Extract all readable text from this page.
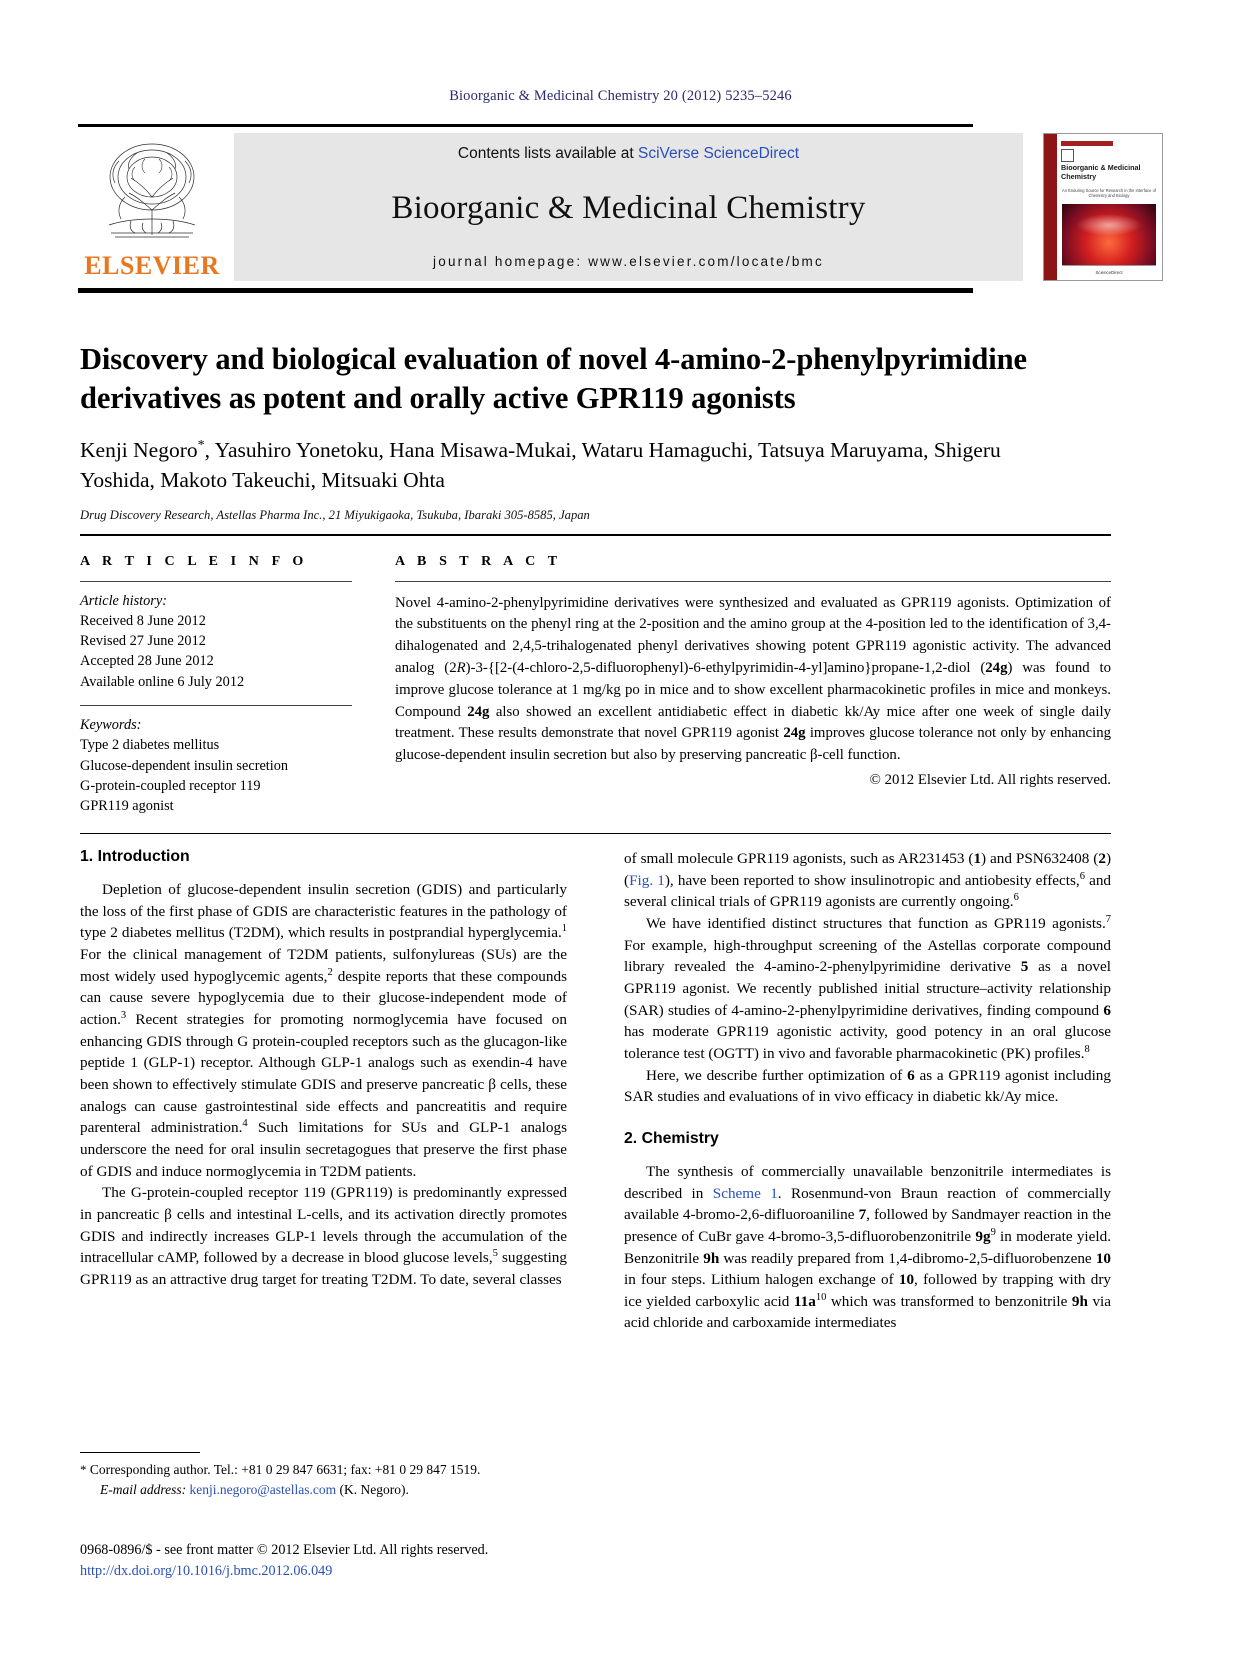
Bioorganic & Medicinal Chemistry 20 (2012) 5235–5246
ELSEVIER
Contents lists available at SciVerse ScienceDirect
Bioorganic & Medicinal Chemistry
journal homepage: www.elsevier.com/locate/bmc
Bioorganic & Medicinal Chemistry
An Enduring Source for Research in the Interface of Chemistry and Biology
ScienceDirect
Discovery and biological evaluation of novel 4-amino-2-phenylpyrimidine derivatives as potent and orally active GPR119 agonists
Kenji Negoro*, Yasuhiro Yonetoku, Hana Misawa-Mukai, Wataru Hamaguchi, Tatsuya Maruyama, Shigeru Yoshida, Makoto Takeuchi, Mitsuaki Ohta
Drug Discovery Research, Astellas Pharma Inc., 21 Miyukigaoka, Tsukuba, Ibaraki 305-8585, Japan
A R T I C L E I N F O
Article history:
Received 8 June 2012
Revised 27 June 2012
Accepted 28 June 2012
Available online 6 July 2012
Keywords:
Type 2 diabetes mellitus
Glucose-dependent insulin secretion
G-protein-coupled receptor 119
GPR119 agonist
A B S T R A C T
Novel 4-amino-2-phenylpyrimidine derivatives were synthesized and evaluated as GPR119 agonists. Optimization of the substituents on the phenyl ring at the 2-position and the amino group at the 4-position led to the identification of 3,4-dihalogenated and 2,4,5-trihalogenated phenyl derivatives showing potent GPR119 agonistic activity. The advanced analog (2R)-3-{[2-(4-chloro-2,5-difluorophenyl)-6-ethylpyrimidin-4-yl]amino}propane-1,2-diol (24g) was found to improve glucose tolerance at 1 mg/kg po in mice and to show excellent pharmacokinetic profiles in mice and monkeys. Compound 24g also showed an excellent antidiabetic effect in diabetic kk/Ay mice after one week of single daily treatment. These results demonstrate that novel GPR119 agonist 24g improves glucose tolerance not only by enhancing glucose-dependent insulin secretion but also by preserving pancreatic β-cell function.
© 2012 Elsevier Ltd. All rights reserved.
1. Introduction

Depletion of glucose-dependent insulin secretion (GDIS) and particularly the loss of the first phase of GDIS are characteristic features in the pathology of type 2 diabetes mellitus (T2DM), which results in postprandial hyperglycemia.$^1$ For the clinical management of T2DM patients, sulfonylureas (SUs) are the most widely used hypoglycemic agents,$^2$ despite reports that these compounds can cause severe hypoglycemia due to their glucose-independent mode of action.$^3$ Recent strategies for promoting normoglycemia have focused on enhancing GDIS through G protein-coupled receptors such as the glucagon-like peptide 1 (GLP-1) receptor. Although GLP-1 analogs such as exendin-4 have been shown to effectively stimulate GDIS and preserve pancreatic β cells, these analogs can cause gastrointestinal side effects and pancreatitis and require parenteral administration.$^4$ Such limitations for SUs and GLP-1 analogs underscore the need for oral insulin secretagogues that preserve the first phase of GDIS and induce normoglycemia in T2DM patients.

The G-protein-coupled receptor 119 (GPR119) is predominantly expressed in pancreatic β cells and intestinal L-cells, and its activation directly promotes GDIS and indirectly increases GLP-1 levels through the accumulation of the intracellular cAMP, followed by a decrease in blood glucose levels,$^5$ suggesting GPR119 as an attractive drug target for treating T2DM. To date, several classes

of small molecule GPR119 agonists, such as AR231453 (1) and PSN632408 (2) (Fig. 1), have been reported to show insulinotropic and antiobesity effects,$^6$ and several clinical trials of GPR119 agonists are currently ongoing.$^6$

We have identified distinct structures that function as GPR119 agonists.$^7$ For example, high-throughput screening of the Astellas corporate compound library revealed the 4-amino-2-phenylpyrimidine derivative 5 as a novel GPR119 agonist. We recently published initial structure–activity relationship (SAR) studies of 4-amino-2-phenylpyrimidine derivatives, finding compound 6 has moderate GPR119 agonistic activity, good potency in an oral glucose tolerance test (OGTT) in vivo and favorable pharmacokinetic (PK) profiles.$^8$

Here, we describe further optimization of 6 as a GPR119 agonist including SAR studies and evaluations of in vivo efficacy in diabetic kk/Ay mice.

2. Chemistry

The synthesis of commercially unavailable benzonitrile intermediates is described in Scheme 1. Rosenmund-von Braun reaction of commercially available 4-bromo-2,6-difluoroaniline 7, followed by Sandmayer reaction in the presence of CuBr gave 4-bromo-3,5-difluorobenzonitrile $9g^9$ in moderate yield. Benzonitrile 9h was readily prepared from 1,4-dibromo-2,5-difluorobenzene 10 in four steps. Lithium halogen exchange of 10, followed by trapping with dry ice yielded carboxylic acid $11a^{10}$ which was transformed to benzonitrile 9h via acid chloride and carboxamide intermediates

* Corresponding author. Tel.: +81 0 29 847 6631; fax: +81 0 29 847 1519.
E-mail address: kenji.negoro@astellas.com (K. Negoro).
0968-0896/$ - see front matter © 2012 Elsevier Ltd. All rights reserved.
http://dx.doi.org/10.1016/j.bmc.2012.06.049
